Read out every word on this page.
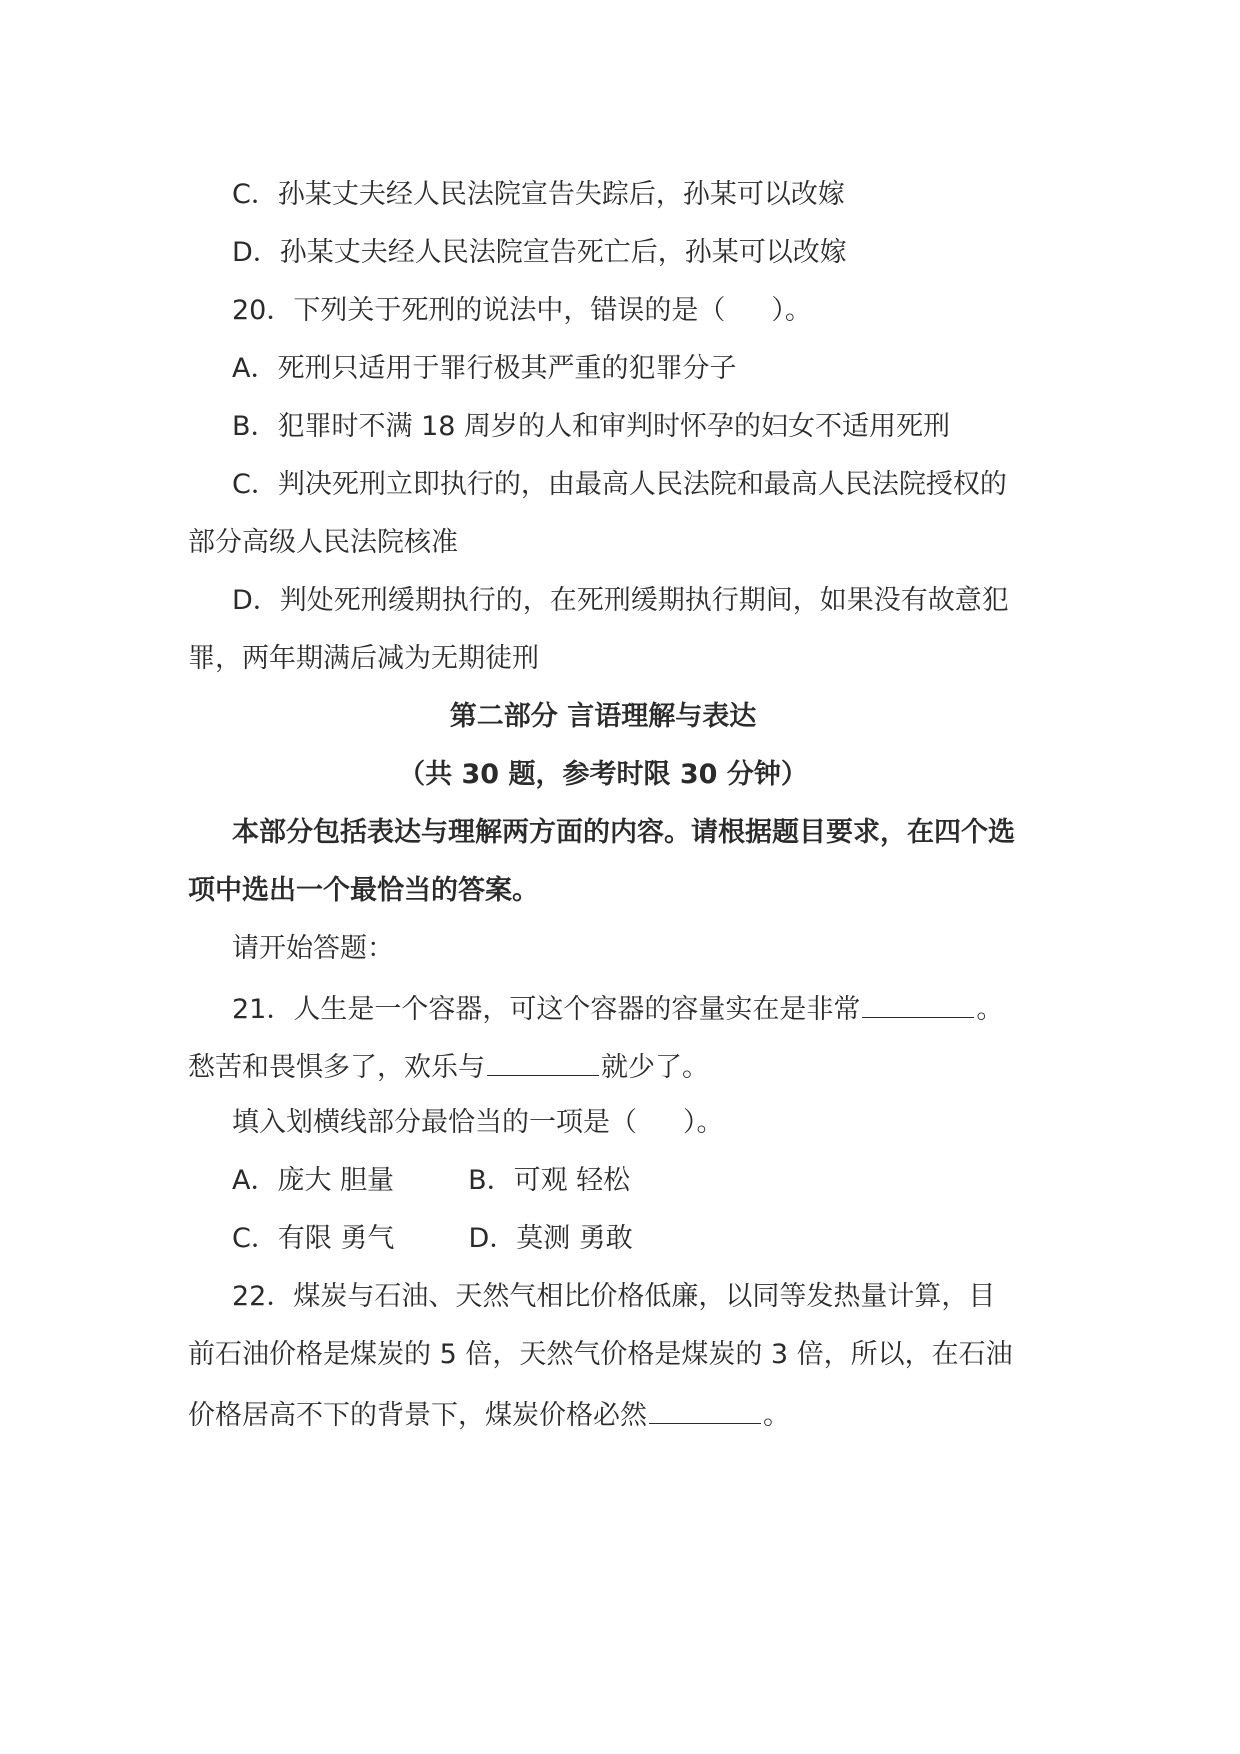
C．孙某丈夫经人民法院宣告失踪后，孙某可以改嫁
D．孙某丈夫经人民法院宣告死亡后，孙某可以改嫁
20．下列关于死刑的说法中，错误的是（ ）。
A．死刑只适用于罪行极其严重的犯罪分子
B．犯罪时不满 18 周岁的人和审判时怀孕的妇女不适用死刑
C．判决死刑立即执行的，由最高人民法院和最高人民法院授权的
部分高级人民法院核准
D．判处死刑缓期执行的，在死刑缓期执行期间，如果没有故意犯
罪，两年期满后减为无期徒刑
第二部分 言语理解与表达
（共 30 题，参考时限 30 分钟）
本部分包括表达与理解两方面的内容。请根据题目要求，在四个选
项中选出一个最恰当的答案。
请开始答题：
21．人生是一个容器，可这个容器的容量实在是非常	。
愁苦和畏惧多了，欢乐与	就少了。
填入划横线部分最恰当的一项是（ ）。
A．庞大 胆量	B．可观 轻松
C．有限 勇气	D．莫测 勇敢
22．煤炭与石油、天然气相比价格低廉，以同等发热量计算，目
前石油价格是煤炭的 5 倍，天然气价格是煤炭的 3 倍，所以，在石油
价格居高不下的背景下，煤炭价格必然	。
